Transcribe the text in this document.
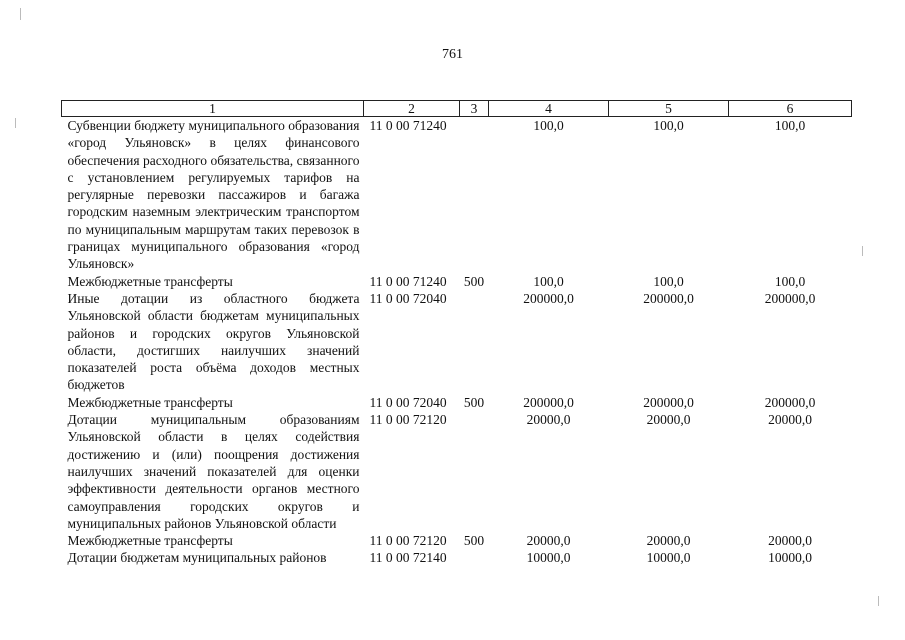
761
1	2	3	4	5	6
Субвенции бюджету муниципального образования «город Ульяновск» в целях финансового обеспечения расходного обязательства, связанного с установлением регулируемых тарифов на регулярные перевозки пассажиров и багажа городским наземным электрическим транспортом по муниципальным маршрутам таких перевозок в границах муниципального образования «город Ульяновск»	11 0 00 71240		100,0	100,0	100,0
Межбюджетные трансферты	11 0 00 71240	500	100,0	100,0	100,0
Иные дотации из областного бюджета Ульяновской области бюджетам муниципальных районов и городских округов Ульяновской области, достигших наилучших значений показателей роста объёма доходов местных бюджетов	11 0 00 72040		200000,0	200000,0	200000,0
Межбюджетные трансферты	11 0 00 72040	500	200000,0	200000,0	200000,0
Дотации муниципальным образованиям Ульяновской области в целях содействия достижению и (или) поощрения достижения наилучших значений показателей для оценки эффективности деятельности органов местного самоуправления городских округов и муниципальных районов Ульяновской области	11 0 00 72120		20000,0	20000,0	20000,0
Межбюджетные трансферты	11 0 00 72120	500	20000,0	20000,0	20000,0
Дотации бюджетам муниципальных районов	11 0 00 72140		10000,0	10000,0	10000,0
